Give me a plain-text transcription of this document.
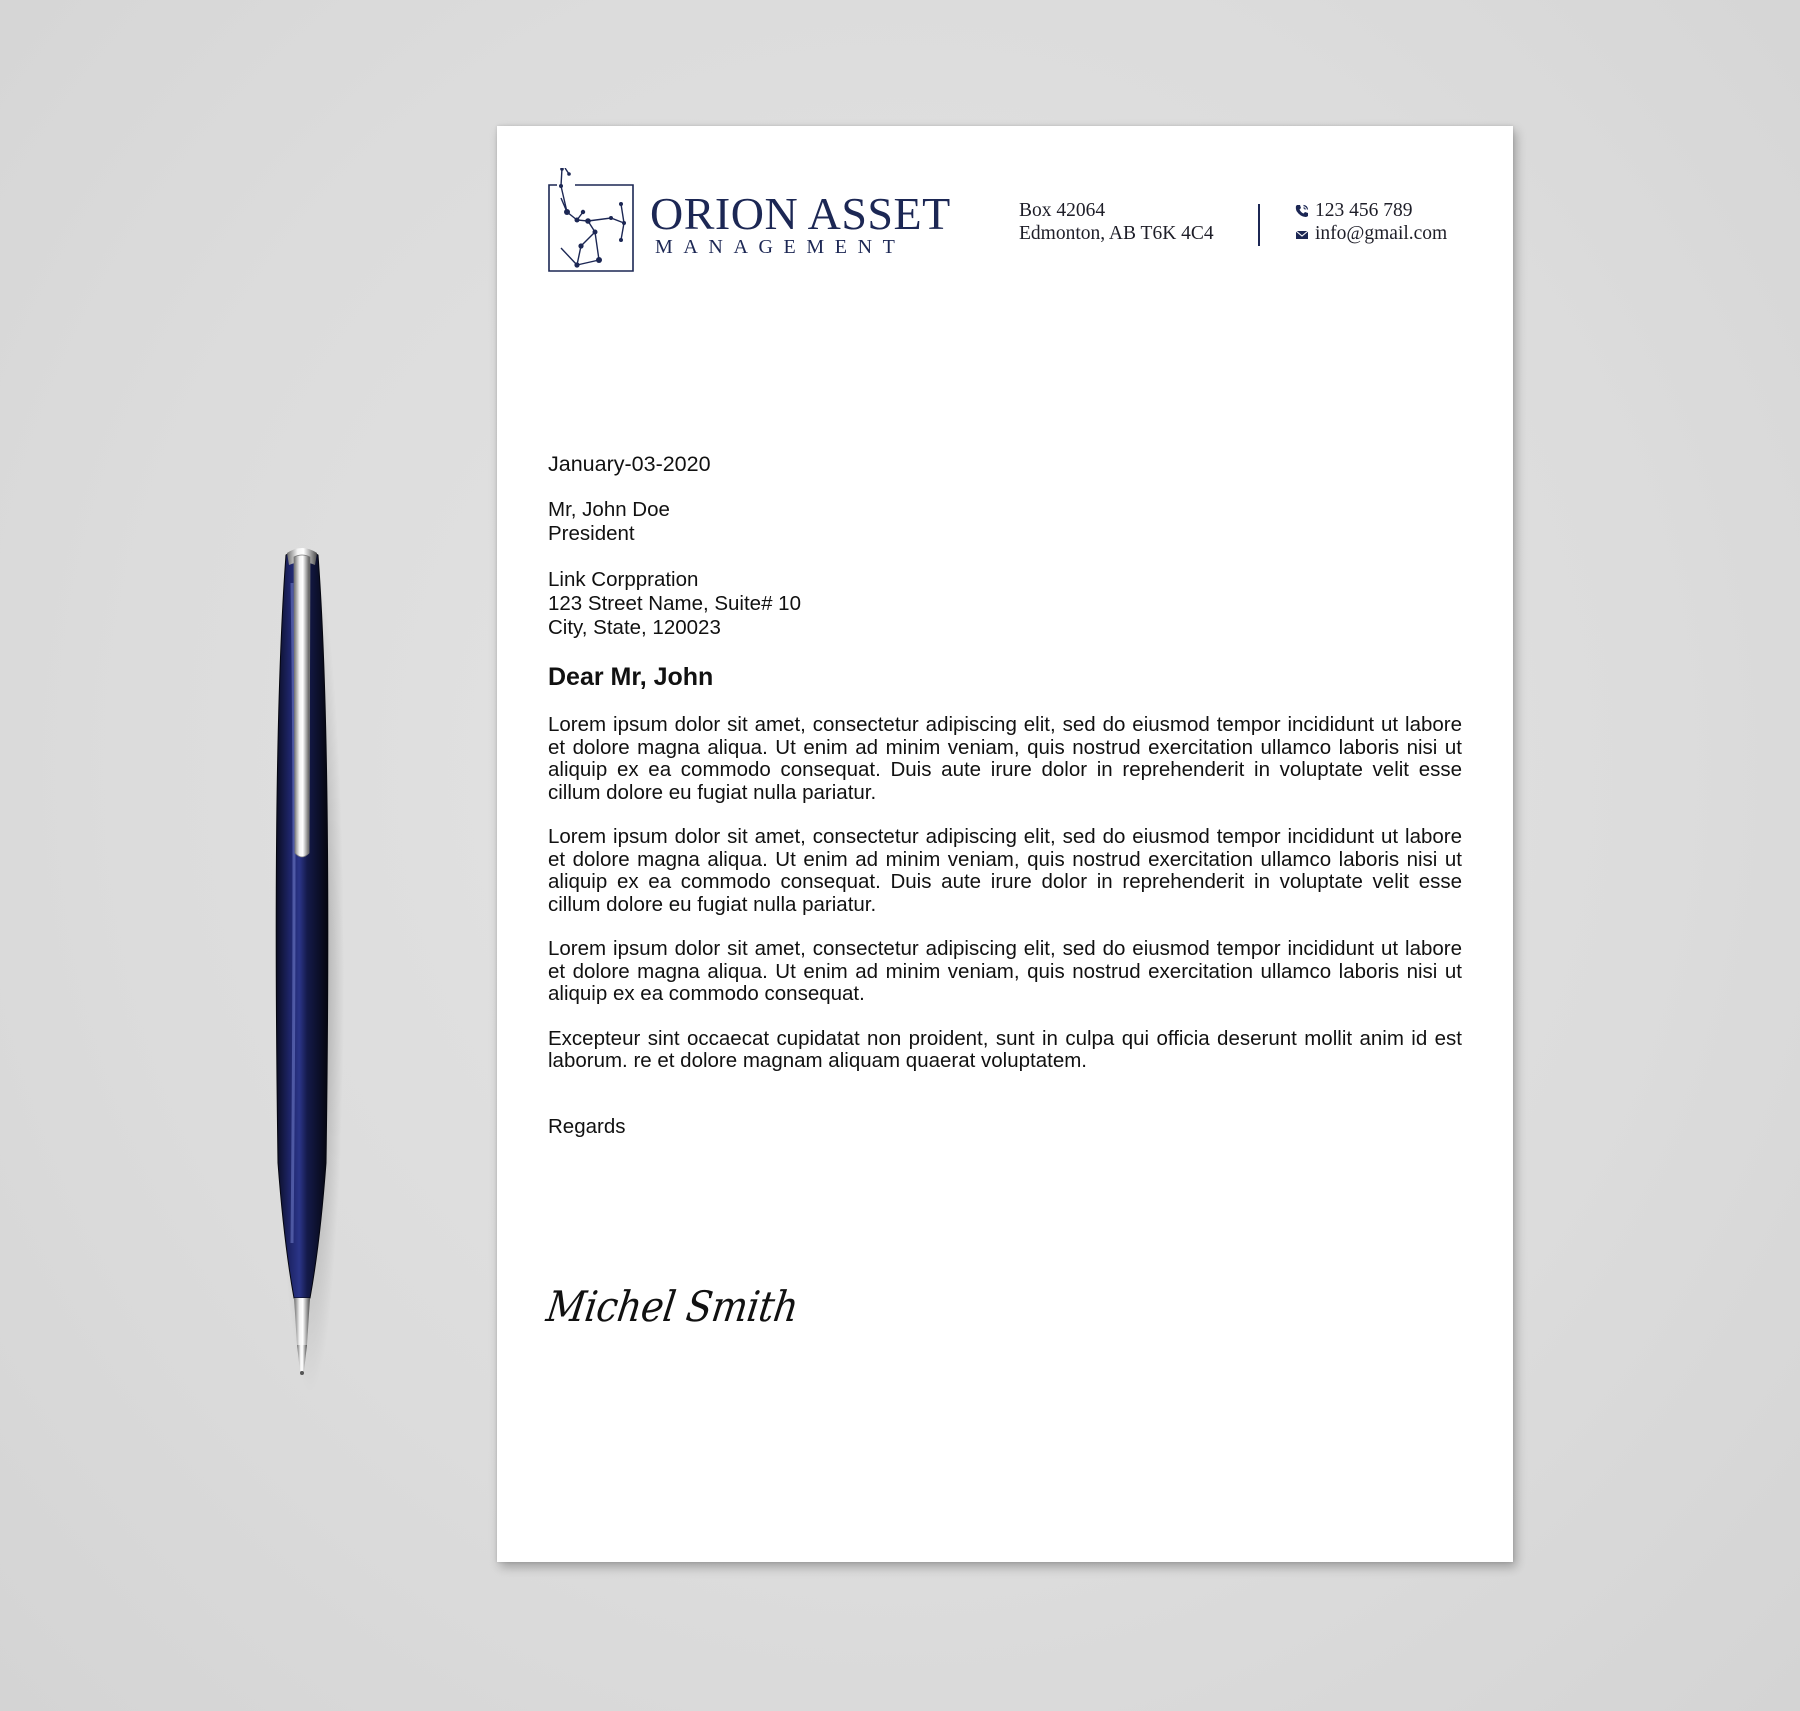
ORION ASSET
MANAGEMENT
Box 42064
Edmonton, AB T6K 4C4
123 456 789
info@gmail.com
January-03-2020
Mr, John Doe
President
Link Corppration
123 Street Name, Suite# 10
City, State, 120023
Dear Mr, John

Lorem ipsum dolor sit amet, consectetur adipiscing elit, sed do eiusmod tempor incididunt ut labore et dolore magna aliqua. Ut enim ad minim veniam, quis nostrud exercitation ullamco laboris nisi ut aliquip ex ea commodo consequat. Duis aute irure dolor in reprehenderit in voluptate velit esse cillum dolore eu fugiat nulla pariatur.

Lorem ipsum dolor sit amet, consectetur adipiscing elit, sed do eiusmod tempor incididunt ut labore et dolore magna aliqua. Ut enim ad minim veniam, quis nostrud exercitation ullamco laboris nisi ut aliquip ex ea commodo consequat. Duis aute irure dolor in reprehenderit in voluptate velit esse cillum dolore eu fugiat nulla pariatur.

Lorem ipsum dolor sit amet, consectetur adipiscing elit, sed do eiusmod tempor incididunt ut labore et dolore magna aliqua. Ut enim ad minim veniam, quis nostrud exercitation ullamco laboris nisi ut aliquip ex ea commodo consequat.

Excepteur sint occaecat cupidatat non proident, sunt in culpa qui officia deserunt mollit anim id est laborum. re et dolore magnam aliquam quaerat voluptatem.

Regards
Michel Smith
